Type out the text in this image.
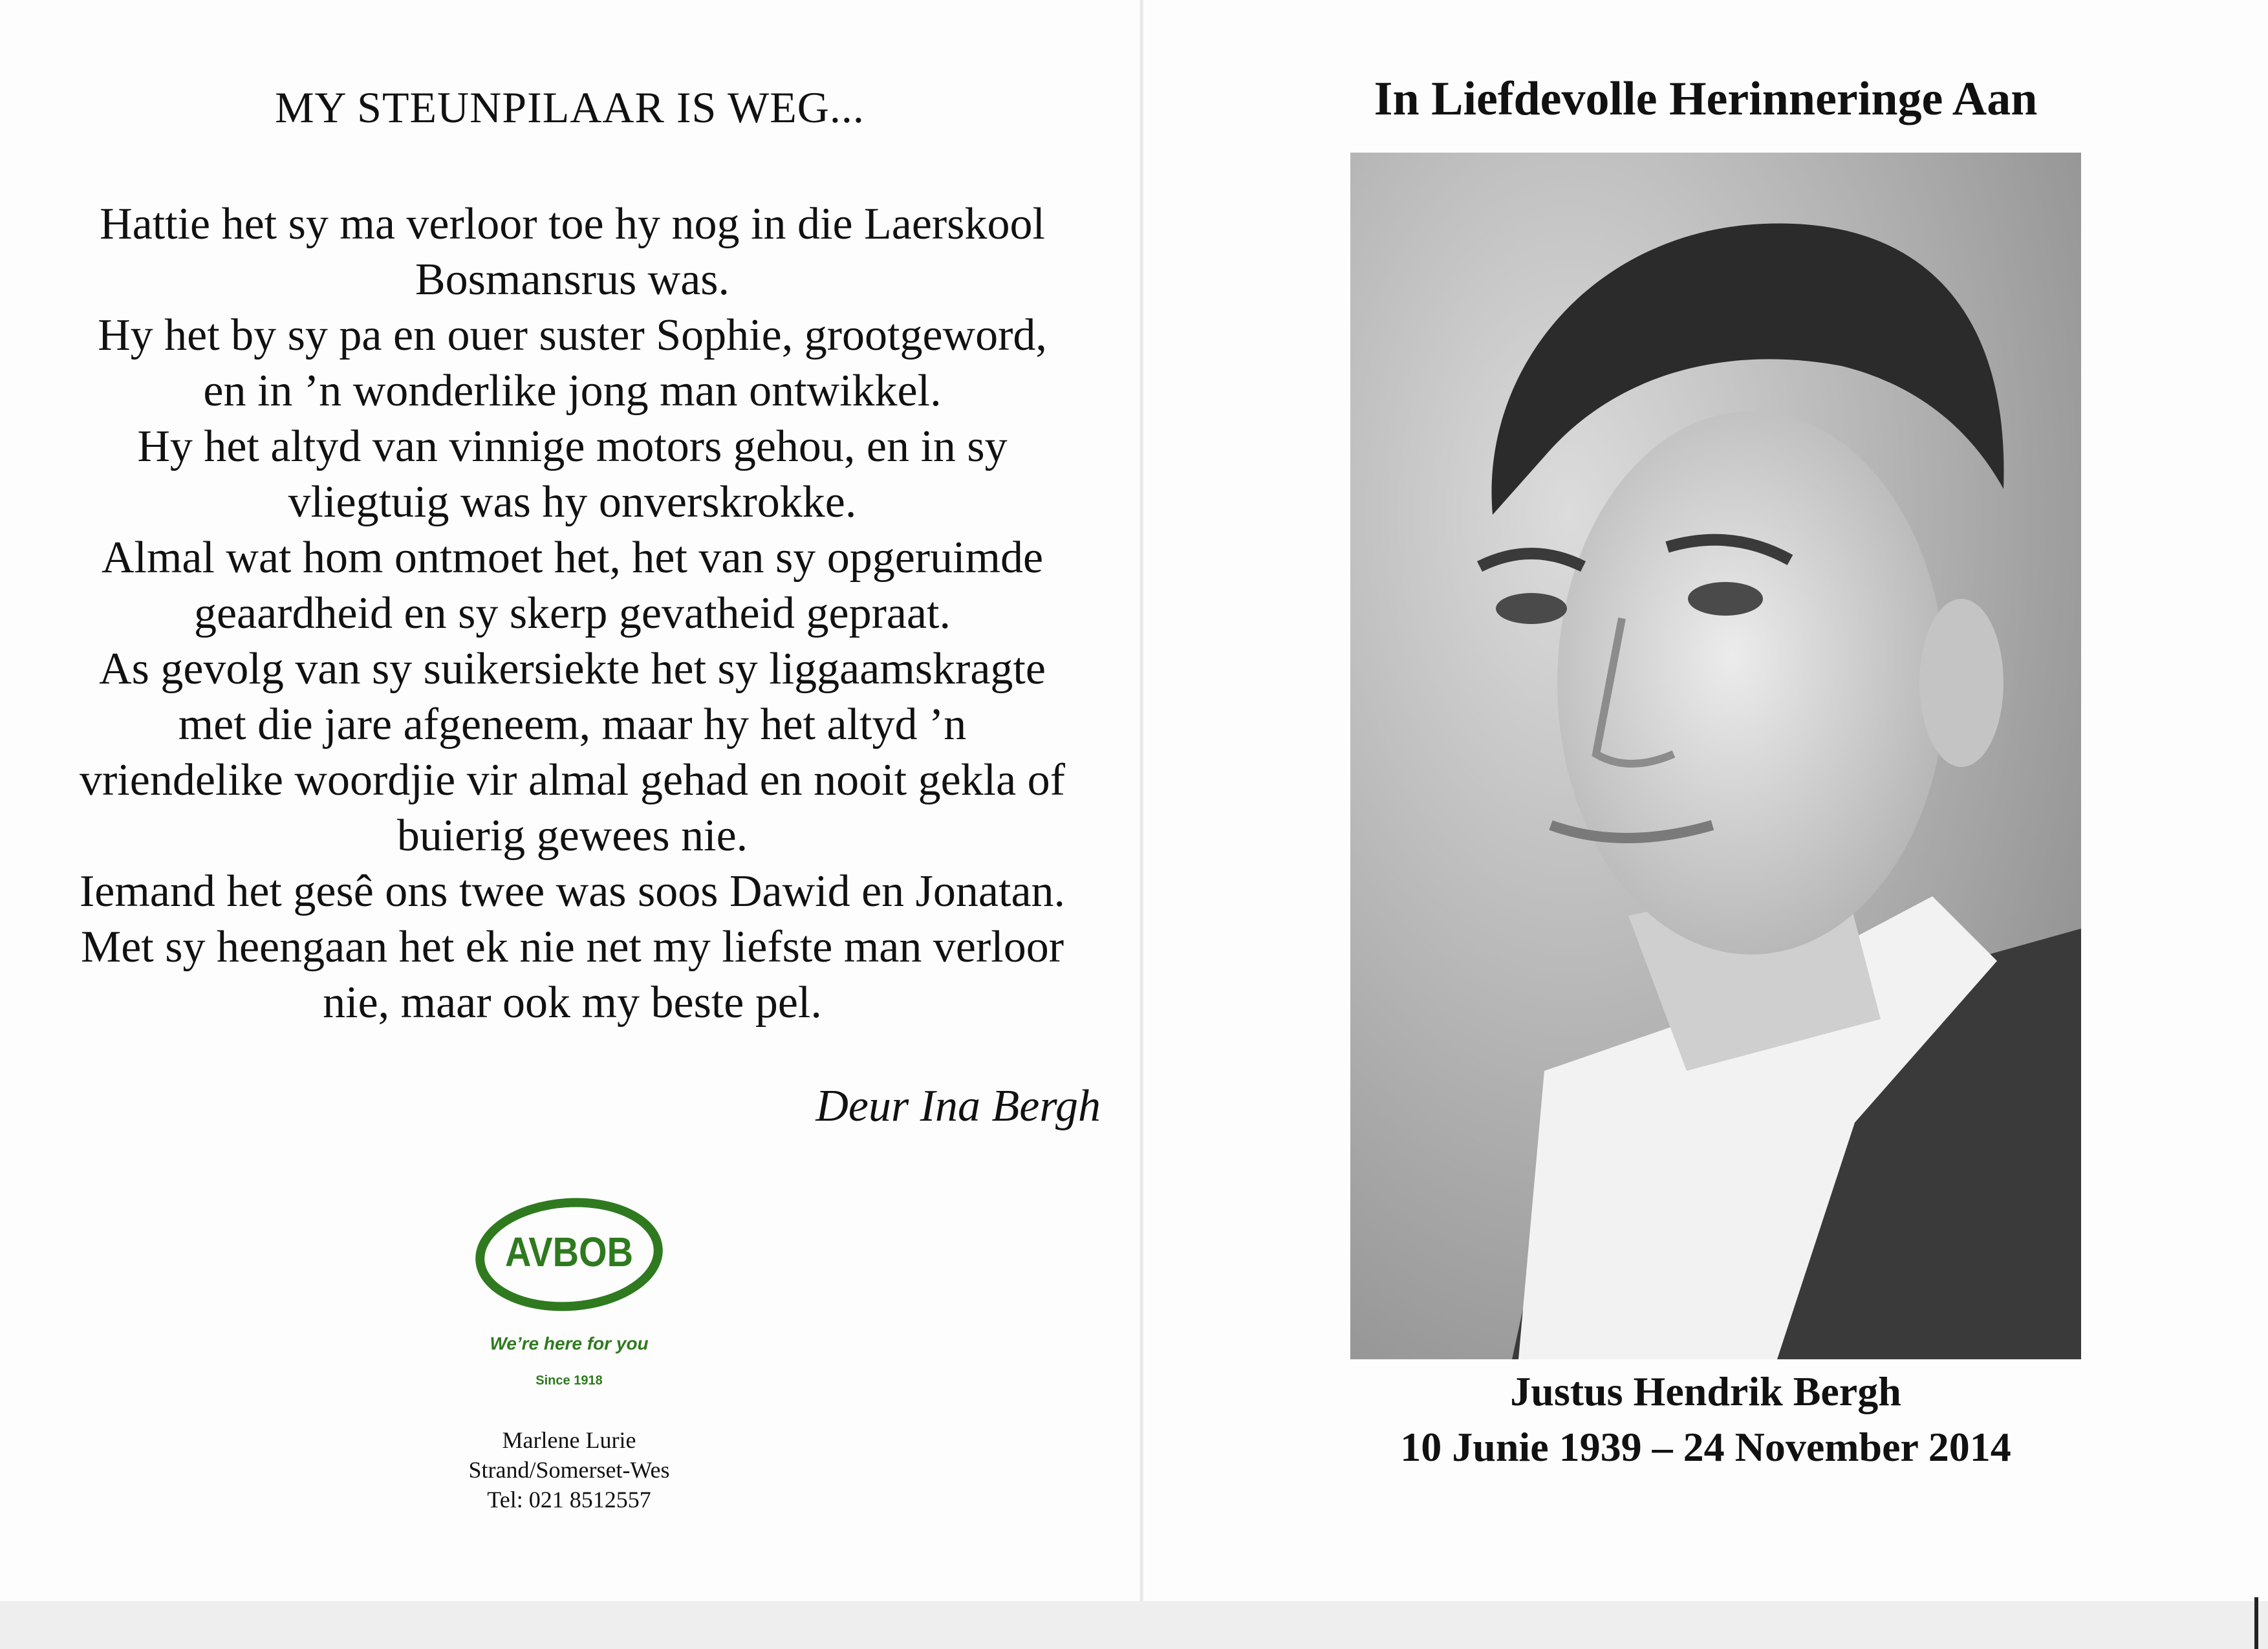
MY STEUNPILAAR IS WEG...
Hattie het sy ma verloor toe hy nog in die Laerskool
Bosmansrus was.
Hy het by sy pa en ouer suster Sophie, grootgeword,
en in ’n wonderlike jong man ontwikkel.
Hy het altyd van vinnige motors gehou, en in sy
vliegtuig was hy onverskrokke.
Almal wat hom ontmoet het, het van sy opgeruimde
geaardheid en sy skerp gevatheid gepraat.
As gevolg van sy suikersiekte het sy liggaamskragte
met die jare afgeneem, maar hy het altyd ’n
vriendelike woordjie vir almal gehad en nooit gekla of
buierig gewees nie.
Iemand het gesê ons twee was soos Dawid en Jonatan.
Met sy heengaan het ek nie net my liefste man verloor
nie, maar ook my beste pel.
Deur Ina Bergh
AVBOB
We’re here for you
Since 1918
Marlene Lurie
Strand/Somerset-Wes
Tel: 021 8512557
In Liefdevolle Herinneringe Aan
Justus Hendrik Bergh
10 Junie 1939 – 24 November 2014
